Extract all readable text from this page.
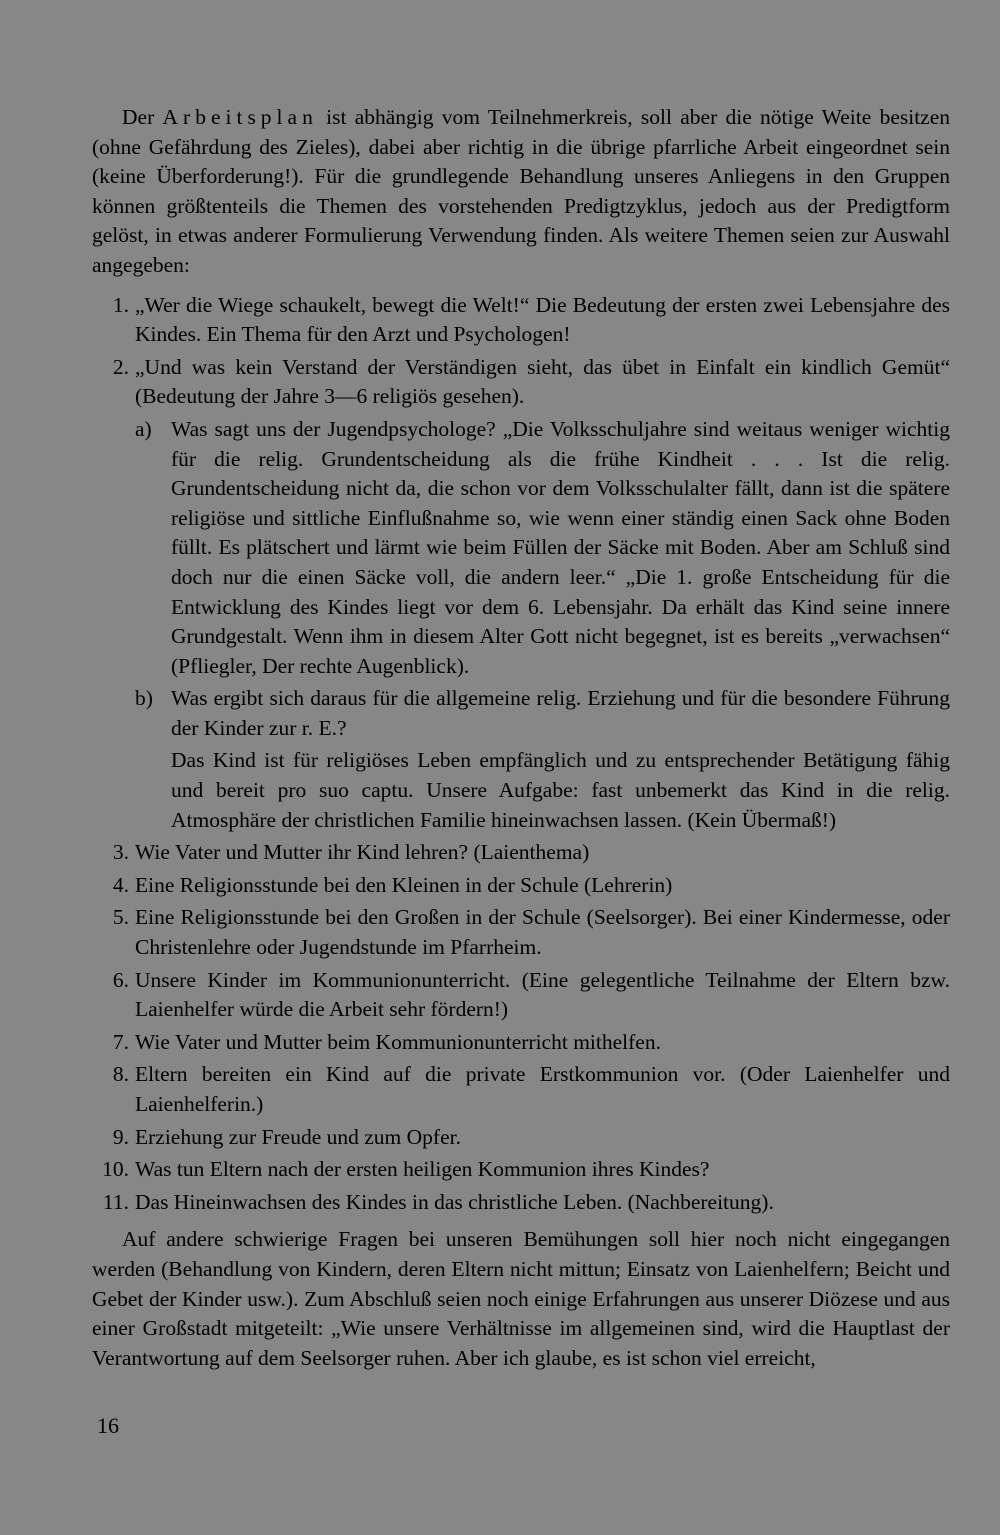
Der Arbeitsplan ist abhängig vom Teilnehmerkreis, soll aber die nötige Weite besitzen (ohne Gefährdung des Zieles), dabei aber richtig in die übrige pfarrliche Arbeit eingeordnet sein (keine Überforderung!). Für die grundlegende Behandlung unseres Anliegens in den Gruppen können größtenteils die Themen des vorstehenden Predigtzyklus, jedoch aus der Predigtform gelöst, in etwas anderer Formulierung Verwendung finden. Als weitere Themen seien zur Auswahl angegeben:

1. „Wer die Wiege schaukelt, bewegt die Welt!“ Die Bedeutung der ersten zwei Lebensjahre des Kindes. Ein Thema für den Arzt und Psychologen!
2. „Und was kein Verstand der Verständigen sieht, das übet in Einfalt ein kindlich Gemüt“ (Bedeutung der Jahre 3—6 religiös gesehen).
a) Was sagt uns der Jugendpsychologe? „Die Volksschuljahre sind weitaus weniger wichtig für die relig. Grundentscheidung als die frühe Kindheit . . . Ist die relig. Grundentscheidung nicht da, die schon vor dem Volksschulalter fällt, dann ist die spätere religiöse und sittliche Einflußnahme so, wie wenn einer ständig einen Sack ohne Boden füllt. Es plätschert und lärmt wie beim Füllen der Säcke mit Boden. Aber am Schluß sind doch nur die einen Säcke voll, die andern leer.“ „Die 1. große Entscheidung für die Entwicklung des Kindes liegt vor dem 6. Lebensjahr. Da erhält das Kind seine innere Grundgestalt. Wenn ihm in diesem Alter Gott nicht begegnet, ist es bereits „verwachsen“ (Pfliegler, Der rechte Augenblick).
b) Was ergibt sich daraus für die allgemeine relig. Erziehung und für die besondere Führung der Kinder zur r. E.?
Das Kind ist für religiöses Leben empfänglich und zu entsprechender Betätigung fähig und bereit pro suo captu. Unsere Aufgabe: fast unbemerkt das Kind in die relig. Atmosphäre der christlichen Familie hineinwachsen lassen. (Kein Übermaß!)
3. Wie Vater und Mutter ihr Kind lehren? (Laienthema)
4. Eine Religionsstunde bei den Kleinen in der Schule (Lehrerin)
5. Eine Religionsstunde bei den Großen in der Schule (Seelsorger). Bei einer Kindermesse, oder Christenlehre oder Jugendstunde im Pfarrheim.
6. Unsere Kinder im Kommunionunterricht. (Eine gelegentliche Teilnahme der Eltern bzw. Laienhelfer würde die Arbeit sehr fördern!)
7. Wie Vater und Mutter beim Kommunionunterricht mithelfen.
8. Eltern bereiten ein Kind auf die private Erstkommunion vor. (Oder Laienhelfer und Laienhelferin.)
9. Erziehung zur Freude und zum Opfer.
10. Was tun Eltern nach der ersten heiligen Kommunion ihres Kindes?
11. Das Hineinwachsen des Kindes in das christliche Leben. (Nachbereitung).

Auf andere schwierige Fragen bei unseren Bemühungen soll hier noch nicht eingegangen werden (Behandlung von Kindern, deren Eltern nicht mittun; Einsatz von Laienhelfern; Beicht und Gebet der Kinder usw.). Zum Abschluß seien noch einige Erfahrungen aus unserer Diözese und aus einer Großstadt mitgeteilt: „Wie unsere Verhältnisse im allgemeinen sind, wird die Hauptlast der Verantwortung auf dem Seelsorger ruhen. Aber ich glaube, es ist schon viel erreicht,

16
